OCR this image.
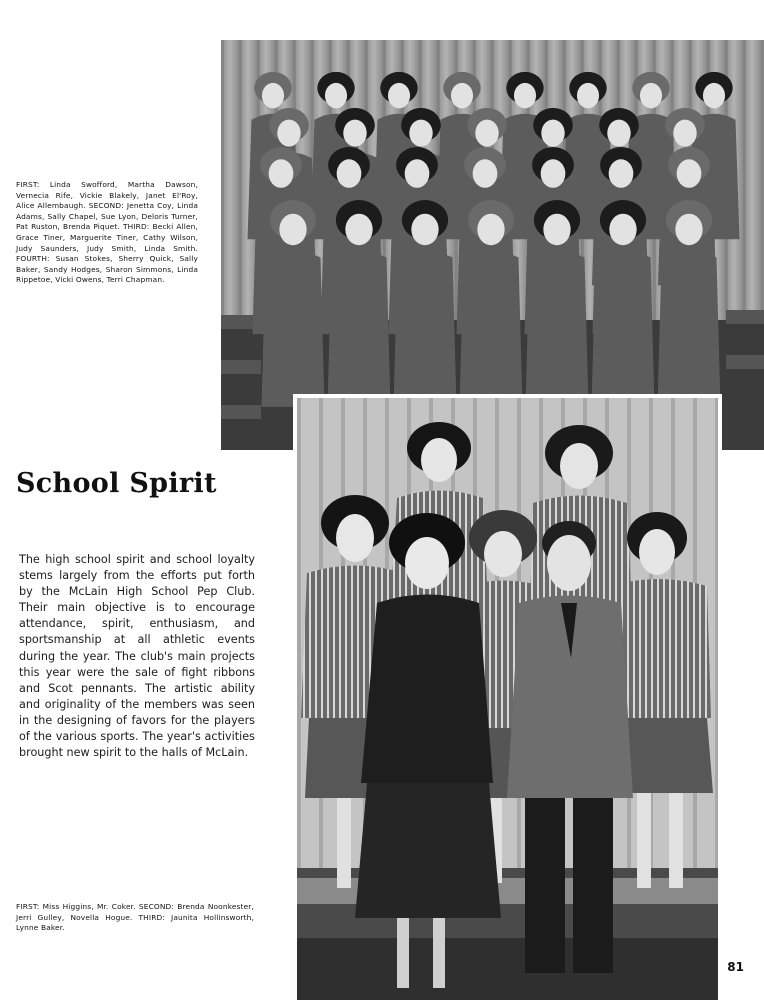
FIRST: Linda Swofford, Martha Dawson, Vernecia Rife, Vickie Blakely, Janet El'Roy, Alice Allembaugh. SECOND: Jenetta Coy, Linda Adams, Sally Chapel, Sue Lyon, Deloris Turner, Pat Ruston, Brenda Piquet. THIRD: Becki Allen, Grace Tiner, Marguerite Tiner, Cathy Wilson, Judy Saunders, Judy Smith, Linda Smith. FOURTH: Susan Stokes, Sherry Quick, Sally Baker, Sandy Hodges, Sharon Simmons, Linda Rippetoe, Vicki Owens, Terri Chapman.
School Spirit

The high school spirit and school loyalty stems largely from the efforts put forth by the McLain High School Pep Club. Their main objective is to encourage attendance, spirit, enthusiasm, and sportsmanship at all athletic events during the year. The club's main projects this year were the sale of fight ribbons and Scot pennants. The artistic ability and originality of the members was seen in the designing of favors for the players of the various sports. The year's activities brought new spirit to the halls of McLain.

FIRST: Miss Higgins, Mr. Coker. SECOND: Brenda Noonkester, Jerri Gulley, Novella Hogue. THIRD: Jaunita Hollinsworth, Lynne Baker.
81
